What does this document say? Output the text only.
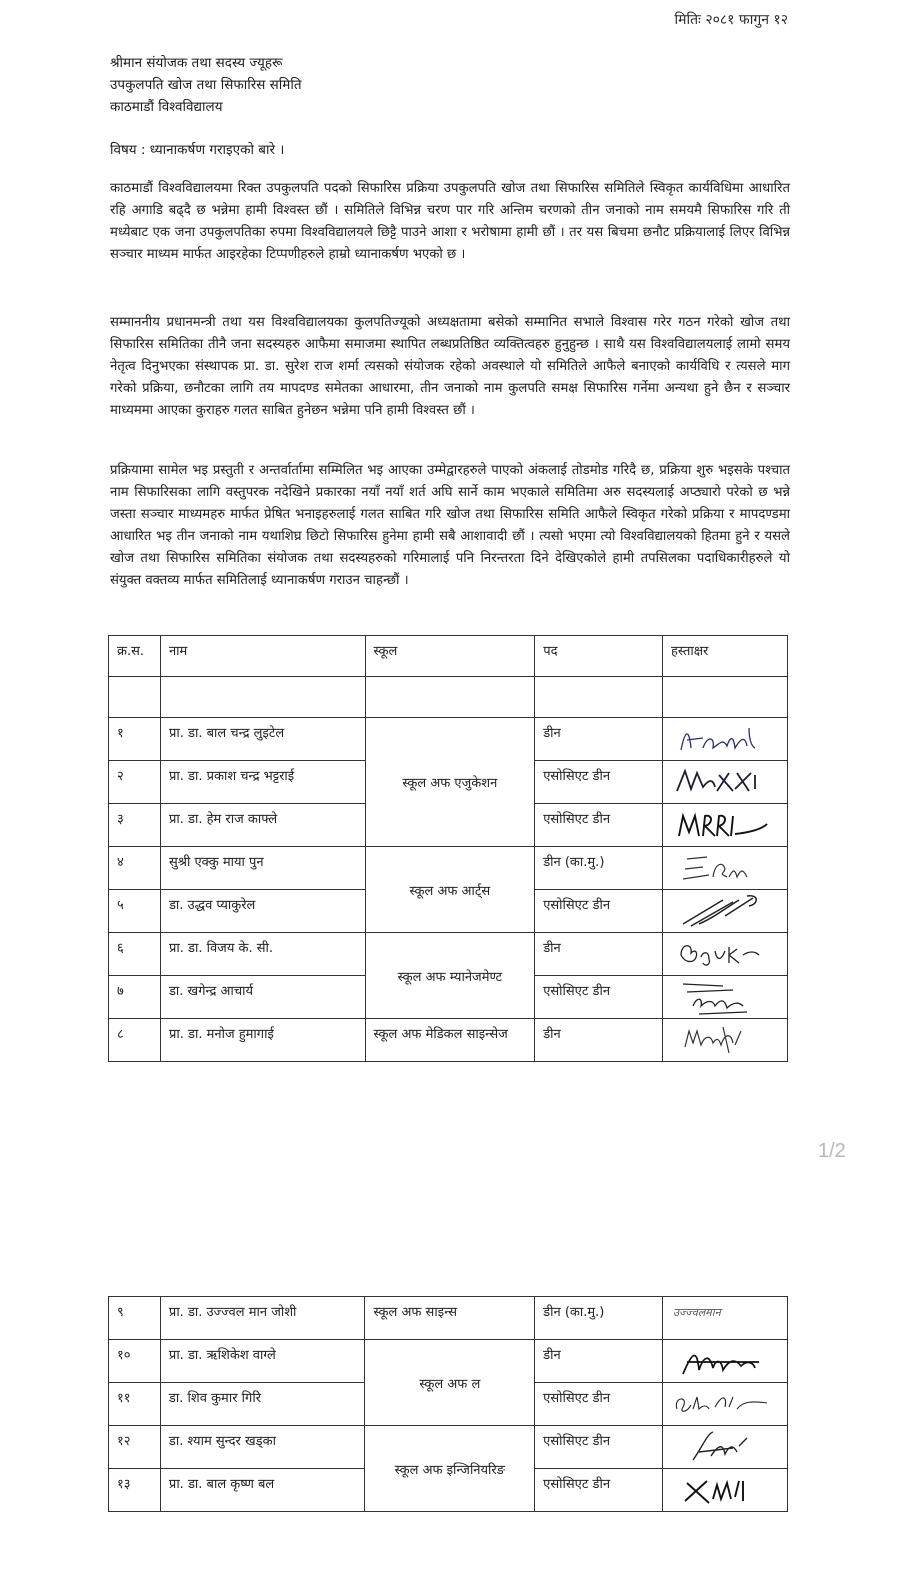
मितिः २०८१ फागुन १२
श्रीमान संयोजक तथा सदस्य ज्यूहरू
उपकुलपति खोज तथा सिफारिस समिति
काठमाडौं विश्वविद्यालय
विषय : ध्यानाकर्षण गराइएको बारे ।

काठमाडौं विश्वविद्यालयमा रिक्त उपकुलपति पदको सिफारिस प्रक्रिया उपकुलपति खोज तथा सिफारिस समितिले स्विकृत कार्यविधिमा आधारित रहि अगाडि बढ्दै छ भन्नेमा हामी विश्वस्त छौं । समितिले विभिन्न चरण पार गरि अन्तिम चरणको तीन जनाको नाम समयमै सिफारिस गरि ती मध्येबाट एक जना उपकुलपतिका रुपमा विश्वविद्यालयले छिट्टै पाउने आशा र भरोषामा हामी छौं । तर यस बिचमा छनौट प्रक्रियालाई लिएर विभिन्न सञ्चार माध्यम मार्फत आइरहेका टिप्पणीहरुले हाम्रो ध्यानाकर्षण भएको छ ।

सम्माननीय प्रधानमन्त्री तथा यस विश्वविद्यालयका कुलपतिज्यूको अध्यक्षतामा बसेको सम्मानित सभाले विश्वास गरेर गठन गरेको खोज तथा सिफारिस समितिका तीनै जना सदस्यहरु आफैमा समाजमा स्थापित लब्धप्रतिष्ठित व्यक्तित्वहरु हुनुहुन्छ । साथै यस विश्वविद्यालयलाई लामो समय नेतृत्व दिनुभएका संस्थापक प्रा. डा. सुरेश राज शर्मा त्यसको संयोजक रहेको अवस्थाले यो समितिले आफैले बनाएको कार्यविधि र त्यसले माग गरेको प्रक्रिया, छनौटका लागि तय मापदण्ड समेतका आधारमा, तीन जनाको नाम कुलपति समक्ष सिफारिस गर्नेमा अन्यथा हुने छैन र सञ्चार माध्यममा आएका कुराहरु गलत साबित हुनेछन भन्नेमा पनि हामी विश्वस्त छौं ।

प्रक्रियामा सामेल भइ प्रस्तुती र अन्तर्वार्तामा सम्मिलित भइ आएका उम्मेद्वारहरुले पाएको अंकलाई तोडमोड गरिदै छ, प्रक्रिया शुरु भइसके पश्चात नाम सिफारिसका लागि वस्तुपरक नदेखिने प्रकारका नयाँ नयाँ शर्त अघि सार्ने काम भएकाले समितिमा अरु सदस्यलाई अप्ठ्यारो परेको छ भन्ने जस्ता सञ्चार माध्यमहरु मार्फत प्रेषित भनाइहरुलाई गलत साबित गरि खोज तथा सिफारिस समिति आफैले स्विकृत गरेको प्रक्रिया र मापदण्डमा आधारित भइ तीन जनाको नाम यथाशिघ्र छिटो सिफारिस हुनेमा हामी सबै आशावादी छौं । त्यसो भएमा त्यो विश्वविद्यालयको हितमा हुने र यसले खोज तथा सिफारिस समितिका संयोजक तथा सदस्यहरुको गरिमालाई पनि निरन्तरता दिने देखिएकोले हामी तपसिलका पदाधिकारीहरुले यो संयुक्त वक्तव्य मार्फत समितिलाई ध्यानाकर्षण गराउन चाहन्छौं ।

क्र.स.	नाम	स्कूल	पद	हस्ताक्षर

१	प्रा. डा. बाल चन्द्र लुइटेल	स्कूल अफ एजुकेशन	डीन	

२	प्रा. डा. प्रकाश चन्द्र भट्टराई		एसोसिएट डीन	

३	प्रा. डा. हेम राज काफ्ले		एसोसिएट डीन	

४	सुश्री एक्कु माया पुन	स्कूल अफ आर्ट्स	डीन (का.मु.)	

५	डा. उद्धव प्याकुरेल		एसोसिएट डीन	

६	प्रा. डा. विजय के. सी.	स्कूल अफ म्यानेजमेण्ट	डीन	

७	डा. खगेन्द्र आचार्य		एसोसिएट डीन	

८	प्रा. डा. मनोज हुमागाई	स्कूल अफ मेडिकल साइन्सेज	डीन	
1/2
९	प्रा. डा. उज्ज्वल मान जोशी	स्कूल अफ साइन्स	डीन (का.मु.)	उज्ज्वलमान

१०	प्रा. डा. ऋशिकेश वाग्ले	स्कूल अफ ल	डीन	

११	डा. शिव कुमार गिरि		एसोसिएट डीन	

१२	डा. श्याम सुन्दर खड्का	स्कूल अफ इन्जिनियरिङ	एसोसिएट डीन	

१३	प्रा. डा. बाल कृष्ण बल		एसोसिएट डीन	
